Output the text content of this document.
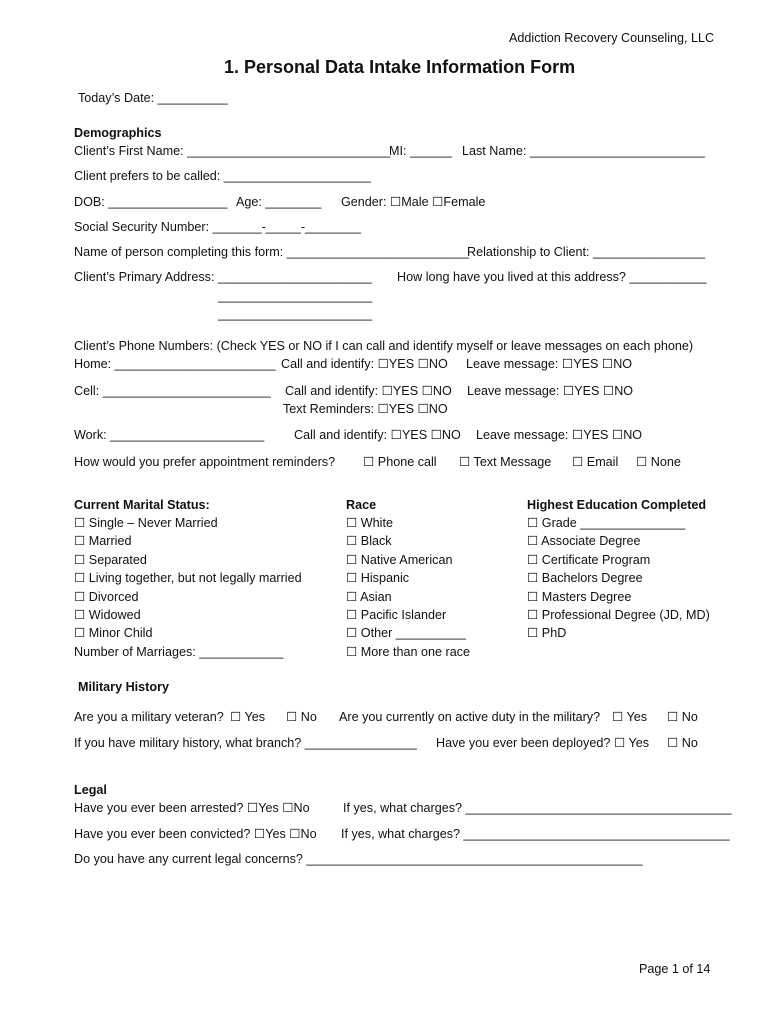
Addiction Recovery Counseling, LLC
1. Personal Data Intake Information Form
Today’s Date: __________
Demographics
Client’s First Name: _____________________________
MI: ______ Last Name: _________________________
Client prefers to be called: _____________________
DOB: _________________ Age: ________ Gender: ☐Male ☐Female
Social Security Number: _______-_____-________
Name of person completing this form: __________________________
Relationship to Client: ________________
Client’s Primary Address: ______________________ How long have you lived at this address? ___________
______________________
______________________
Client’s Phone Numbers: (Check YES or NO if I can call and identify myself or leave messages on each phone)
Home: _______________________ Call and identify: ☐YES ☐NO Leave message: ☐YES ☐NO
Cell: ________________________ Call and identify: ☐YES ☐NO Leave message: ☐YES ☐NO
Text Reminders: ☐YES ☐NO
Work: ______________________ Call and identify: ☐YES ☐NO Leave message: ☐YES ☐NO
How would you prefer appointment reminders? ☐ Phone call ☐ Text Message ☐ Email ☐ None
Current Marital Status:
☐ Single – Never Married
☐ Married
☐ Separated
☐ Living together, but not legally married
☐ Divorced
☐ Widowed
☐ Minor Child
Number of Marriages: ____________
Race
☐ White
☐ Black
☐ Native American
☐ Hispanic
☐ Asian
☐ Pacific Islander
☐ Other __________
☐ More than one race
Highest Education Completed
☐ Grade _______________
☐ Associate Degree
☐ Certificate Program
☐ Bachelors Degree
☐ Masters Degree
☐ Professional Degree (JD, MD)
☐ PhD
Military History
Are you a military veteran? ☐ Yes ☐ No Are you currently on active duty in the military? ☐ Yes ☐ No
If you have military history, what branch? ________________ Have you ever been deployed? ☐ Yes ☐ No
Legal
Have you ever been arrested? ☐Yes ☐No	If yes, what charges? ______________________________________
Have you ever been convicted? ☐Yes ☐No If yes, what charges? ______________________________________
Do you have any current legal concerns? ________________________________________________
Page 1 of 14
